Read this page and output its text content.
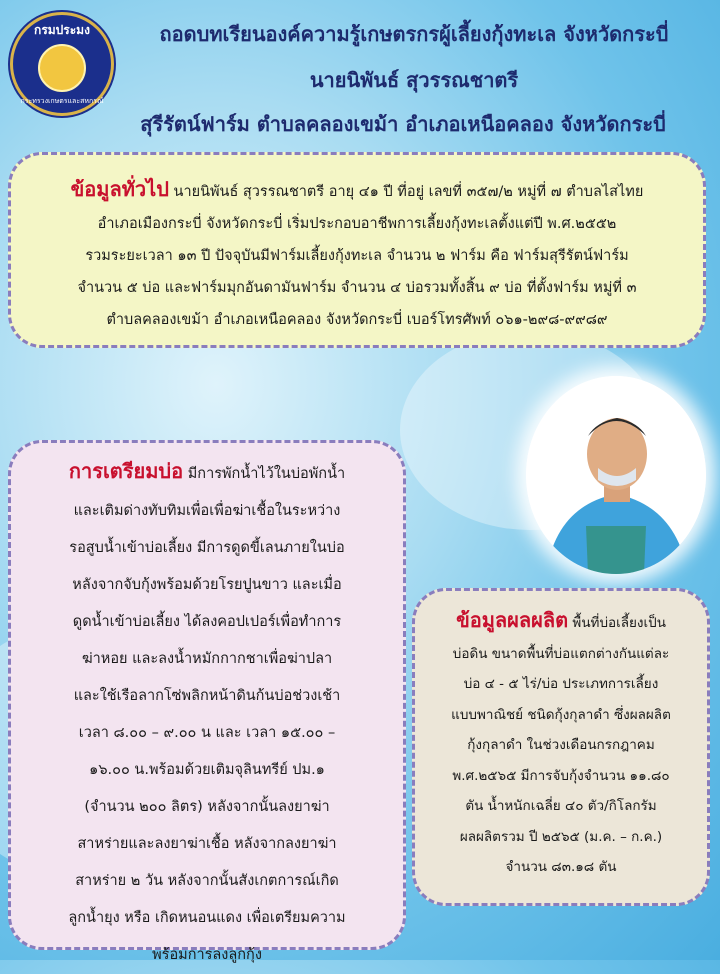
กรมประมง
กระทรวงเกษตรและสหกรณ์
ถอดบทเรียนองค์ความรู้เกษตรกรผู้เลี้ยงกุ้งทะเล จังหวัดกระบี่
นายนิพันธ์ สุวรรณชาตรี
สุรีรัตน์ฟาร์ม ตำบลคลองเขม้า อำเภอเหนือคลอง จังหวัดกระบี่
ข้อมูลทั่วไป นายนิพันธ์ สุวรรณชาตรี อายุ ๔๑ ปี ที่อยู่ เลขที่ ๓๕๗/๒ หมู่ที่ ๗ ตำบลไสไทย
อำเภอเมืองกระบี่ จังหวัดกระบี่ เริ่มประกอบอาชีพการเลี้ยงกุ้งทะเลตั้งแต่ปี พ.ศ.๒๕๕๒
รวมระยะเวลา ๑๓ ปี ปัจจุบันมีฟาร์มเลี้ยงกุ้งทะเล จำนวน ๒ ฟาร์ม คือ ฟาร์มสุรีรัตน์ฟาร์ม
จำนวน ๕ บ่อ และฟาร์มมุกอันดามันฟาร์ม จำนวน ๔ บ่อรวมทั้งสิ้น ๙ บ่อ ที่ตั้งฟาร์ม หมู่ที่ ๓
ตำบลคลองเขม้า อำเภอเหนือคลอง จังหวัดกระบี่ เบอร์โทรศัพท์ ๐๖๑-๒๙๘-๙๙๘๙
การเตรียมบ่อ มีการพักน้ำไว้ในบ่อพักน้ำ
และเติมด่างทับทิมเพื่อเพื่อฆ่าเชื้อในระหว่าง
รอสูบน้ำเข้าบ่อเลี้ยง มีการดูดขี้เลนภายในบ่อ
หลังจากจับกุ้งพร้อมด้วยโรยปูนขาว และเมื่อ
ดูดน้ำเข้าบ่อเลี้ยง ได้ลงคอปเปอร์เพื่อทำการ
ฆ่าหอย และลงน้ำหมักกากชาเพื่อฆ่าปลา
และใช้เรือลากโซ่พลิกหน้าดินก้นบ่อช่วงเช้า
เวลา ๘.๐๐ – ๙.๐๐ น และ เวลา ๑๕.๐๐ –
๑๖.๐๐ น.พร้อมด้วยเติมจุลินทรีย์ ปม.๑
(จำนวน ๒๐๐ ลิตร) หลังจากนั้นลงยาฆ่า
สาหร่ายและลงยาฆ่าเชื้อ หลังจากลงยาฆ่า
สาหร่าย ๒ วัน หลังจากนั้นสังเกตการณ์เกิด
ลูกน้ำยุง หรือ เกิดหนอนแดง เพื่อเตรียมความ
พร้อมการลงลูกกุ้ง
ข้อมูลผลผลิต พื้นที่บ่อเลี้ยงเป็น
บ่อดิน ขนาดพื้นที่บ่อแตกต่างกันแต่ละ
บ่อ ๔ - ๕ ไร่/บ่อ ประเภทการเลี้ยง
แบบพาณิชย์ ชนิดกุ้งกุลาดำ ซึ่งผลผลิต
กุ้งกุลาดำ ในช่วงเดือนกรกฎาคม
พ.ศ.๒๕๖๕ มีการจับกุ้งจำนวน ๑๑.๘๐
ตัน น้ำหนักเฉลี่ย ๔๐ ตัว/กิโลกรัม
ผลผลิตรวม ปี ๒๕๖๕ (ม.ค. – ก.ค.)
จำนวน ๘๓.๑๘ ตัน
